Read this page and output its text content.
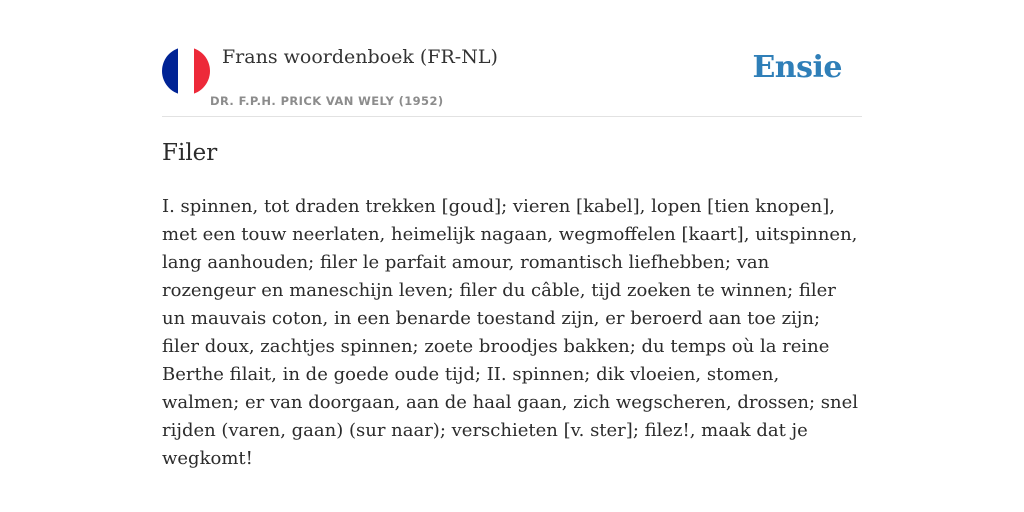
Frans woordenboek (FR-NL)
DR. F.P.H. PRICK VAN WELY (1952)
Ensie
Filer

I. spinnen, tot draden trekken [goud]; vieren [kabel], lopen [tien knopen], met een touw neerlaten, heimelijk nagaan, wegmoffelen [kaart], uitspinnen, lang aanhouden; filer le parfait amour, romantisch liefhebben; van rozengeur en maneschijn leven; filer du câble, tijd zoeken te winnen; filer un mauvais coton, in een benarde toestand zijn, er beroerd aan toe zijn; filer doux, zachtjes spinnen; zoete broodjes bakken; du temps où la reine Berthe filait, in de goede oude tijd; II. spinnen; dik vloeien, stomen, walmen; er van doorgaan, aan de haal gaan, zich wegscheren, drossen; snel rijden (varen, gaan) (sur naar); verschieten [v. ster]; filez!, maak dat je wegkomt!
